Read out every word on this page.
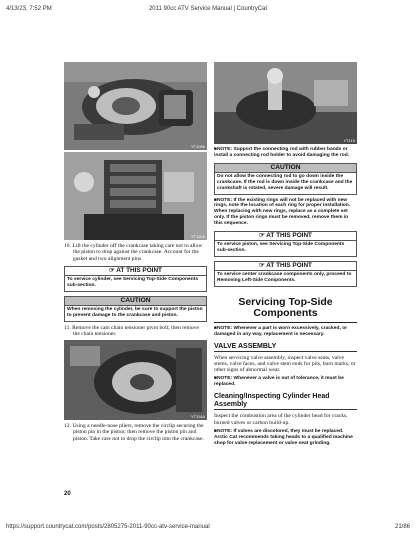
4/13/23, 7:52 PM	2011 90cc ATV Service Manual | CountryCat
YT109b
YT110A

10. Lift the cylinder off the crankcase taking care not to allow the piston to drop against the crankcase. Account for the gasket and two alignment pins.

☞ AT THIS POINT
To service cylinder, see Servicing Top-Side Components sub-section.
CAUTION
When removing the cylinder, be sure to support the piston to prevent damage to the crankcase and piston.

11. Remove the cam chain tensioner pivot bolt; then remove the chain tensioner.

YT114A

12. Using a needle-nose pliers, remove the circlip securing the piston pin in the piston; then remove the piston pin and piston. Take care not to drop the circlip into the crankcase.

YT115

■NOTE: Support the connecting rod with rubber bands or install a connecting rod holder to avoid damaging the rod.

CAUTION
Do not allow the connecting rod to go down inside the crankcase. If the rod is down inside the crankcase and the crankshaft is rotated, severe damage will result.

■NOTE: If the existing rings will not be replaced with new rings, note the location of each ring for proper installation. When replacing with new rings, replace as a complete set only. If the piston rings must be removed, remove them in this sequence.

☞ AT THIS POINT
To service piston, see Servicing Top-Side Components sub-section.
☞ AT THIS POINT
To service center crankcase components only, proceed to Removing Left-Side Components.
Servicing Top-Side Components

■NOTE: Whenever a part is worn excessively, cracked, or damaged in any way, replacement is necessary.

VALVE ASSEMBLY

When servicing valve assembly, inspect valve seats, valve stems, valve faces, and valve stem ends for pits, burn marks, or other signs of abnormal wear.

■NOTE: Whenever a valve is out of tolerance, it must be replaced.

Cleaning/Inspecting Cylinder Head Assembly

Inspect the combustion area of the cylinder head for cracks, burned valves or carbon build-up.

■NOTE: If valves are discolored, they must be replaced. Arctic Cat recommends taking heads to a qualified machine shop for valve replacement or valve seat grinding.

20
https://support.countrycat.com/posts/2805275-2011-90cc-atv-service-manual	21/86
